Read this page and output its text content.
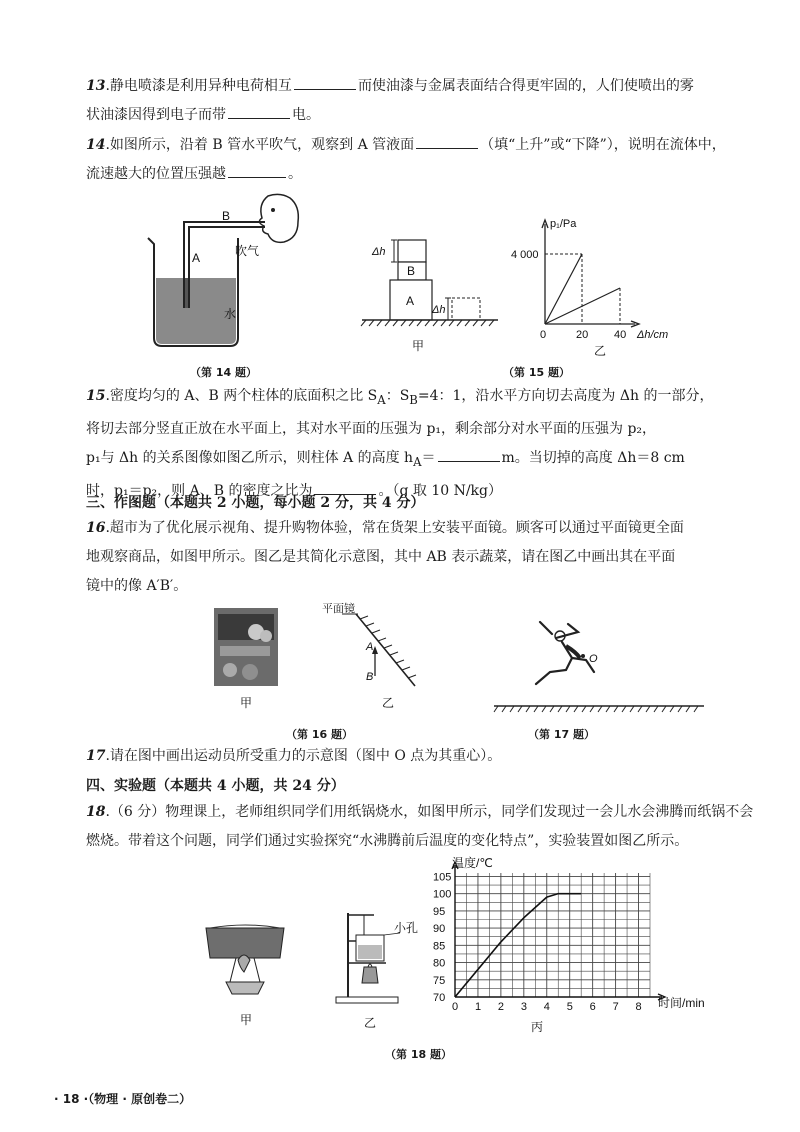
13.静电喷漆是利用异种电荷相互	而使油漆与金属表面结合得更牢固的，人们使喷出的雾
状油漆因得到电子而带	电。

14.如图所示，沿着 B 管水平吹气，观察到 A 管液面	（填“上升”或“下降”），说明在流体中，
流速越大的位置压强越	。

B
A	吹气
水
（第 14 题）
Δh
Δh
B
A
甲
p₁/Pa
4 000
0	20 40 Δh/cm
乙
（第 15 题）

15.密度均匀的 A、B 两个柱体的底面积之比 $S_A$：$S_B=4$：1，沿水平方向切去高度为 Δh 的一部分，
将切去部分竖直正放在水平面上，其对水平面的压强为 p₁，剩余部分对水平面的压强为 p₂，
p₁与 Δh 的关系图像如图乙所示，则柱体 A 的高度 $h_A=$	m。当切掉的高度 Δh＝8 cm
时，p₁＝p₂，则 A、B 的密度之比为	。（g 取 10 N/kg）

三、作图题（本题共 2 小题，每小题 2 分，共 4 分）

16.超市为了优化展示视角、提升购物体验，常在货架上安装平面镜。顾客可以通过平面镜更全面
地观察商品，如图甲所示。图乙是其简化示意图，其中 AB 表示蔬菜，请在图乙中画出其在平面
镜中的像 A′B′。

甲
平面镜
A
B
乙
（第 16 题）
O
（第 17 题）

17.请在图中画出运动员所受重力的示意图（图中 O 点为其重心）。

四、实验题（本题共 4 小题，共 24 分）

18.（6 分）物理课上，老师组织同学们用纸锅烧水，如图甲所示，同学们发现过一会儿水会沸腾而纸锅不会
燃烧。带着这个问题，同学们通过实验探究“水沸腾前后温度的变化特点”，实验装置如图乙所示。

甲
小孔
乙
0 1 2 3 4 5 6 7 8
70
75
80
85
90
95
100
105
温度/℃
时间/min
丙
（第 18 题）
· 18 ·（物理 · 原创卷二）
